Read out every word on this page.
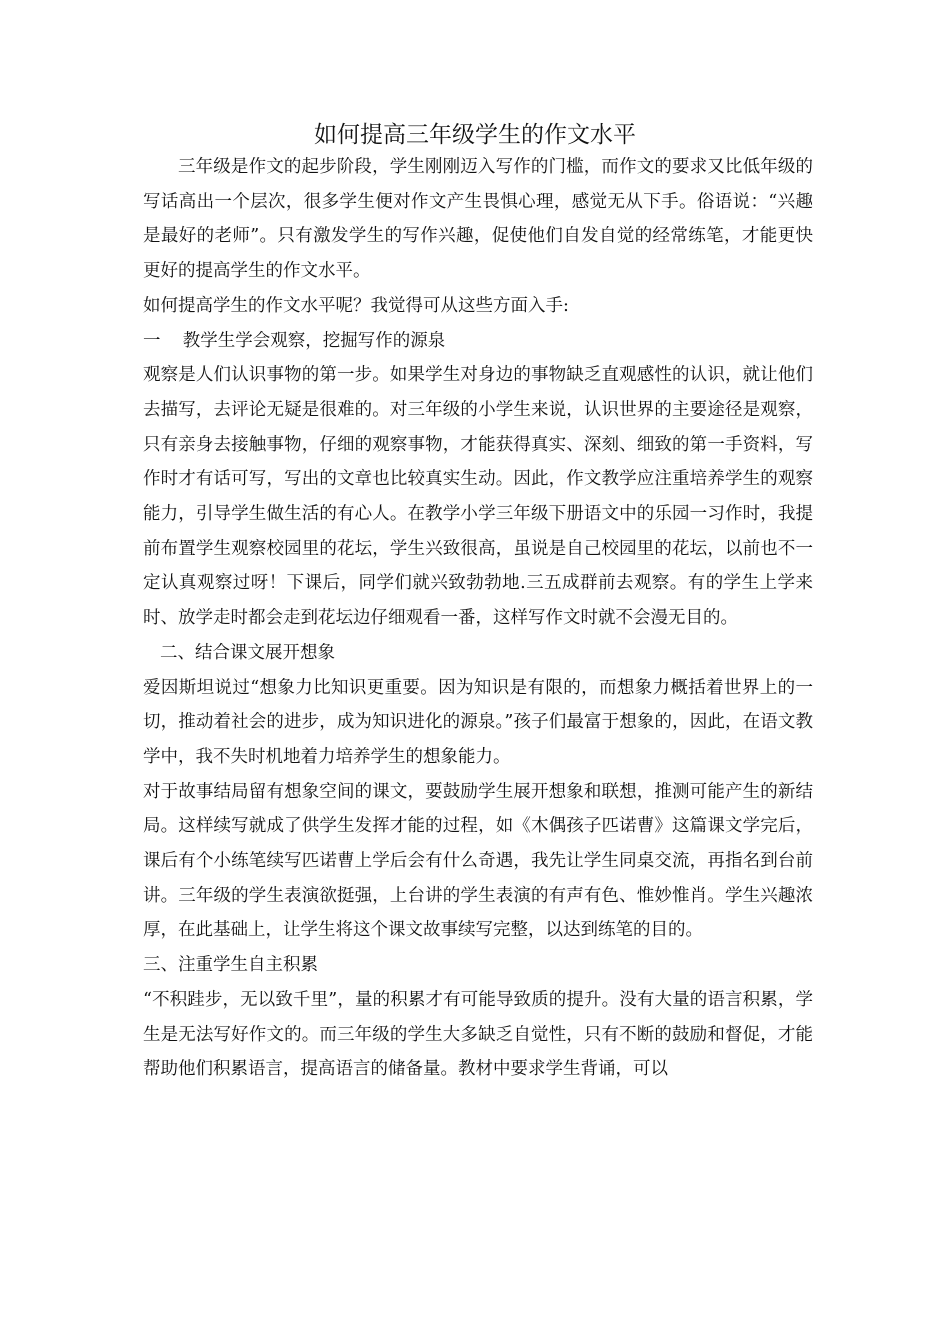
如何提高三年级学生的作文水平

三年级是作文的起步阶段，学生刚刚迈入写作的门槛，而作文的要求又比低年级的写话高出一个层次，很多学生便对作文产生畏惧心理，感觉无从下手。俗语说：“兴趣是最好的老师”。只有激发学生的写作兴趣，促使他们自发自觉的经常练笔，才能更快更好的提高学生的作文水平。

如何提高学生的作文水平呢？我觉得可从这些方面入手:

一    教学生学会观察，挖掘写作的源泉

观察是人们认识事物的第一步。如果学生对身边的事物缺乏直观感性的认识，就让他们去描写，去评论无疑是很难的。对三年级的小学生来说，认识世界的主要途径是观察，只有亲身去接触事物，仔细的观察事物，才能获得真实、深刻、细致的第一手资料，写作时才有话可写，写出的文章也比较真实生动。因此，作文教学应注重培养学生的观察能力，引导学生做生活的有心人。在教学小学三年级下册语文中的乐园一习作时，我提前布置学生观察校园里的花坛，学生兴致很高，虽说是自己校园里的花坛，以前也不一定认真观察过呀！下课后，同学们就兴致勃勃地.三五成群前去观察。有的学生上学来时、放学走时都会走到花坛边仔细观看一番，这样写作文时就不会漫无目的。

二、结合课文展开想象

爱因斯坦说过“想象力比知识更重要。因为知识是有限的，而想象力概括着世界上的一切，推动着社会的进步，成为知识进化的源泉。”孩子们最富于想象的，因此，在语文教学中，我不失时机地着力培养学生的想象能力。

对于故事结局留有想象空间的课文，要鼓励学生展开想象和联想，推测可能产生的新结局。这样续写就成了供学生发挥才能的过程，如《木偶孩子匹诺曹》这篇课文学完后，课后有个小练笔续写匹诺曹上学后会有什么奇遇，我先让学生同桌交流，再指名到台前讲。三年级的学生表演欲挺强，上台讲的学生表演的有声有色、惟妙惟肖。学生兴趣浓厚，在此基础上，让学生将这个课文故事续写完整，以达到练笔的目的。

三、注重学生自主积累

“不积跬步，无以致千里”，量的积累才有可能导致质的提升。没有大量的语言积累，学生是无法写好作文的。而三年级的学生大多缺乏自觉性，只有不断的鼓励和督促，才能帮助他们积累语言，提高语言的储备量。教材中要求学生背诵，可以
